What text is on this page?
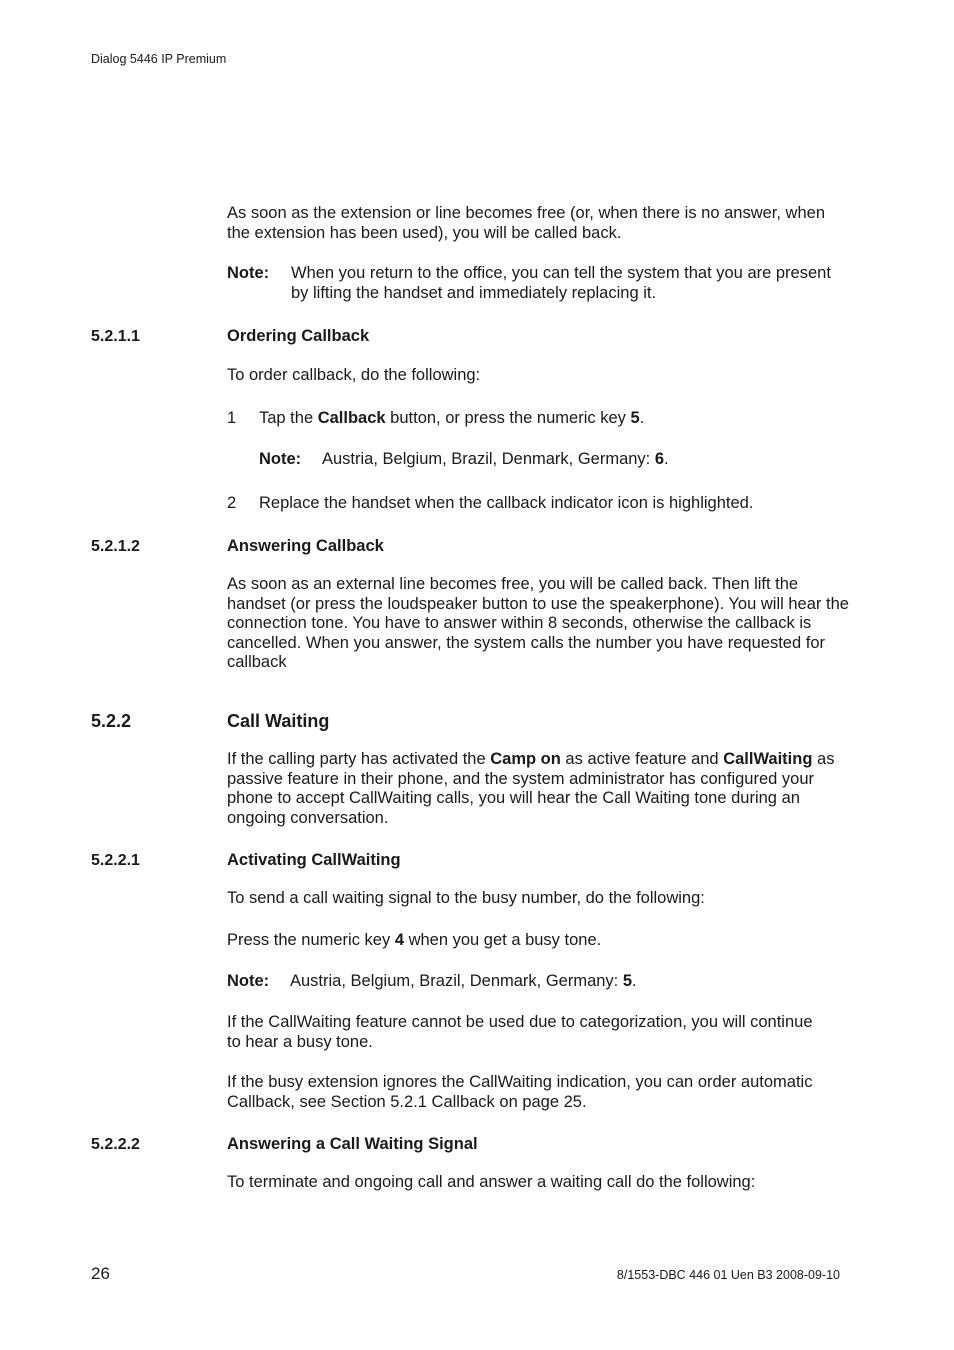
Dialog 5446 IP Premium
As soon as the extension or line becomes free (or, when there is no answer, when the extension has been used), you will be called back.
Note: When you return to the office, you can tell the system that you are present by lifting the handset and immediately replacing it.
5.2.1.1	Ordering Callback
To order callback, do the following:
1 Tap the Callback button, or press the numeric key 5.
Note: Austria, Belgium, Brazil, Denmark, Germany: 6.
2 Replace the handset when the callback indicator icon is highlighted.
5.2.1.2	Answering Callback
As soon as an external line becomes free, you will be called back. Then lift the handset (or press the loudspeaker button to use the speakerphone). You will hear the connection tone. You have to answer within 8 seconds, otherwise the callback is cancelled. When you answer, the system calls the number you have requested for callback
5.2.2	Call Waiting
If the calling party has activated the Camp on as active feature and CallWaiting as passive feature in their phone, and the system administrator has configured your phone to accept CallWaiting calls, you will hear the Call Waiting tone during an ongoing conversation.
5.2.2.1	Activating CallWaiting
To send a call waiting signal to the busy number, do the following:
Press the numeric key 4 when you get a busy tone.
Note: Austria, Belgium, Brazil, Denmark, Germany: 5.
If the CallWaiting feature cannot be used due to categorization, you will continue to hear a busy tone.
If the busy extension ignores the CallWaiting indication, you can order automatic Callback, see Section 5.2.1 Callback on page 25.
5.2.2.2	Answering a Call Waiting Signal
To terminate and ongoing call and answer a waiting call do the following:
26	8/1553-DBC 446 01 Uen B3 2008-09-10
